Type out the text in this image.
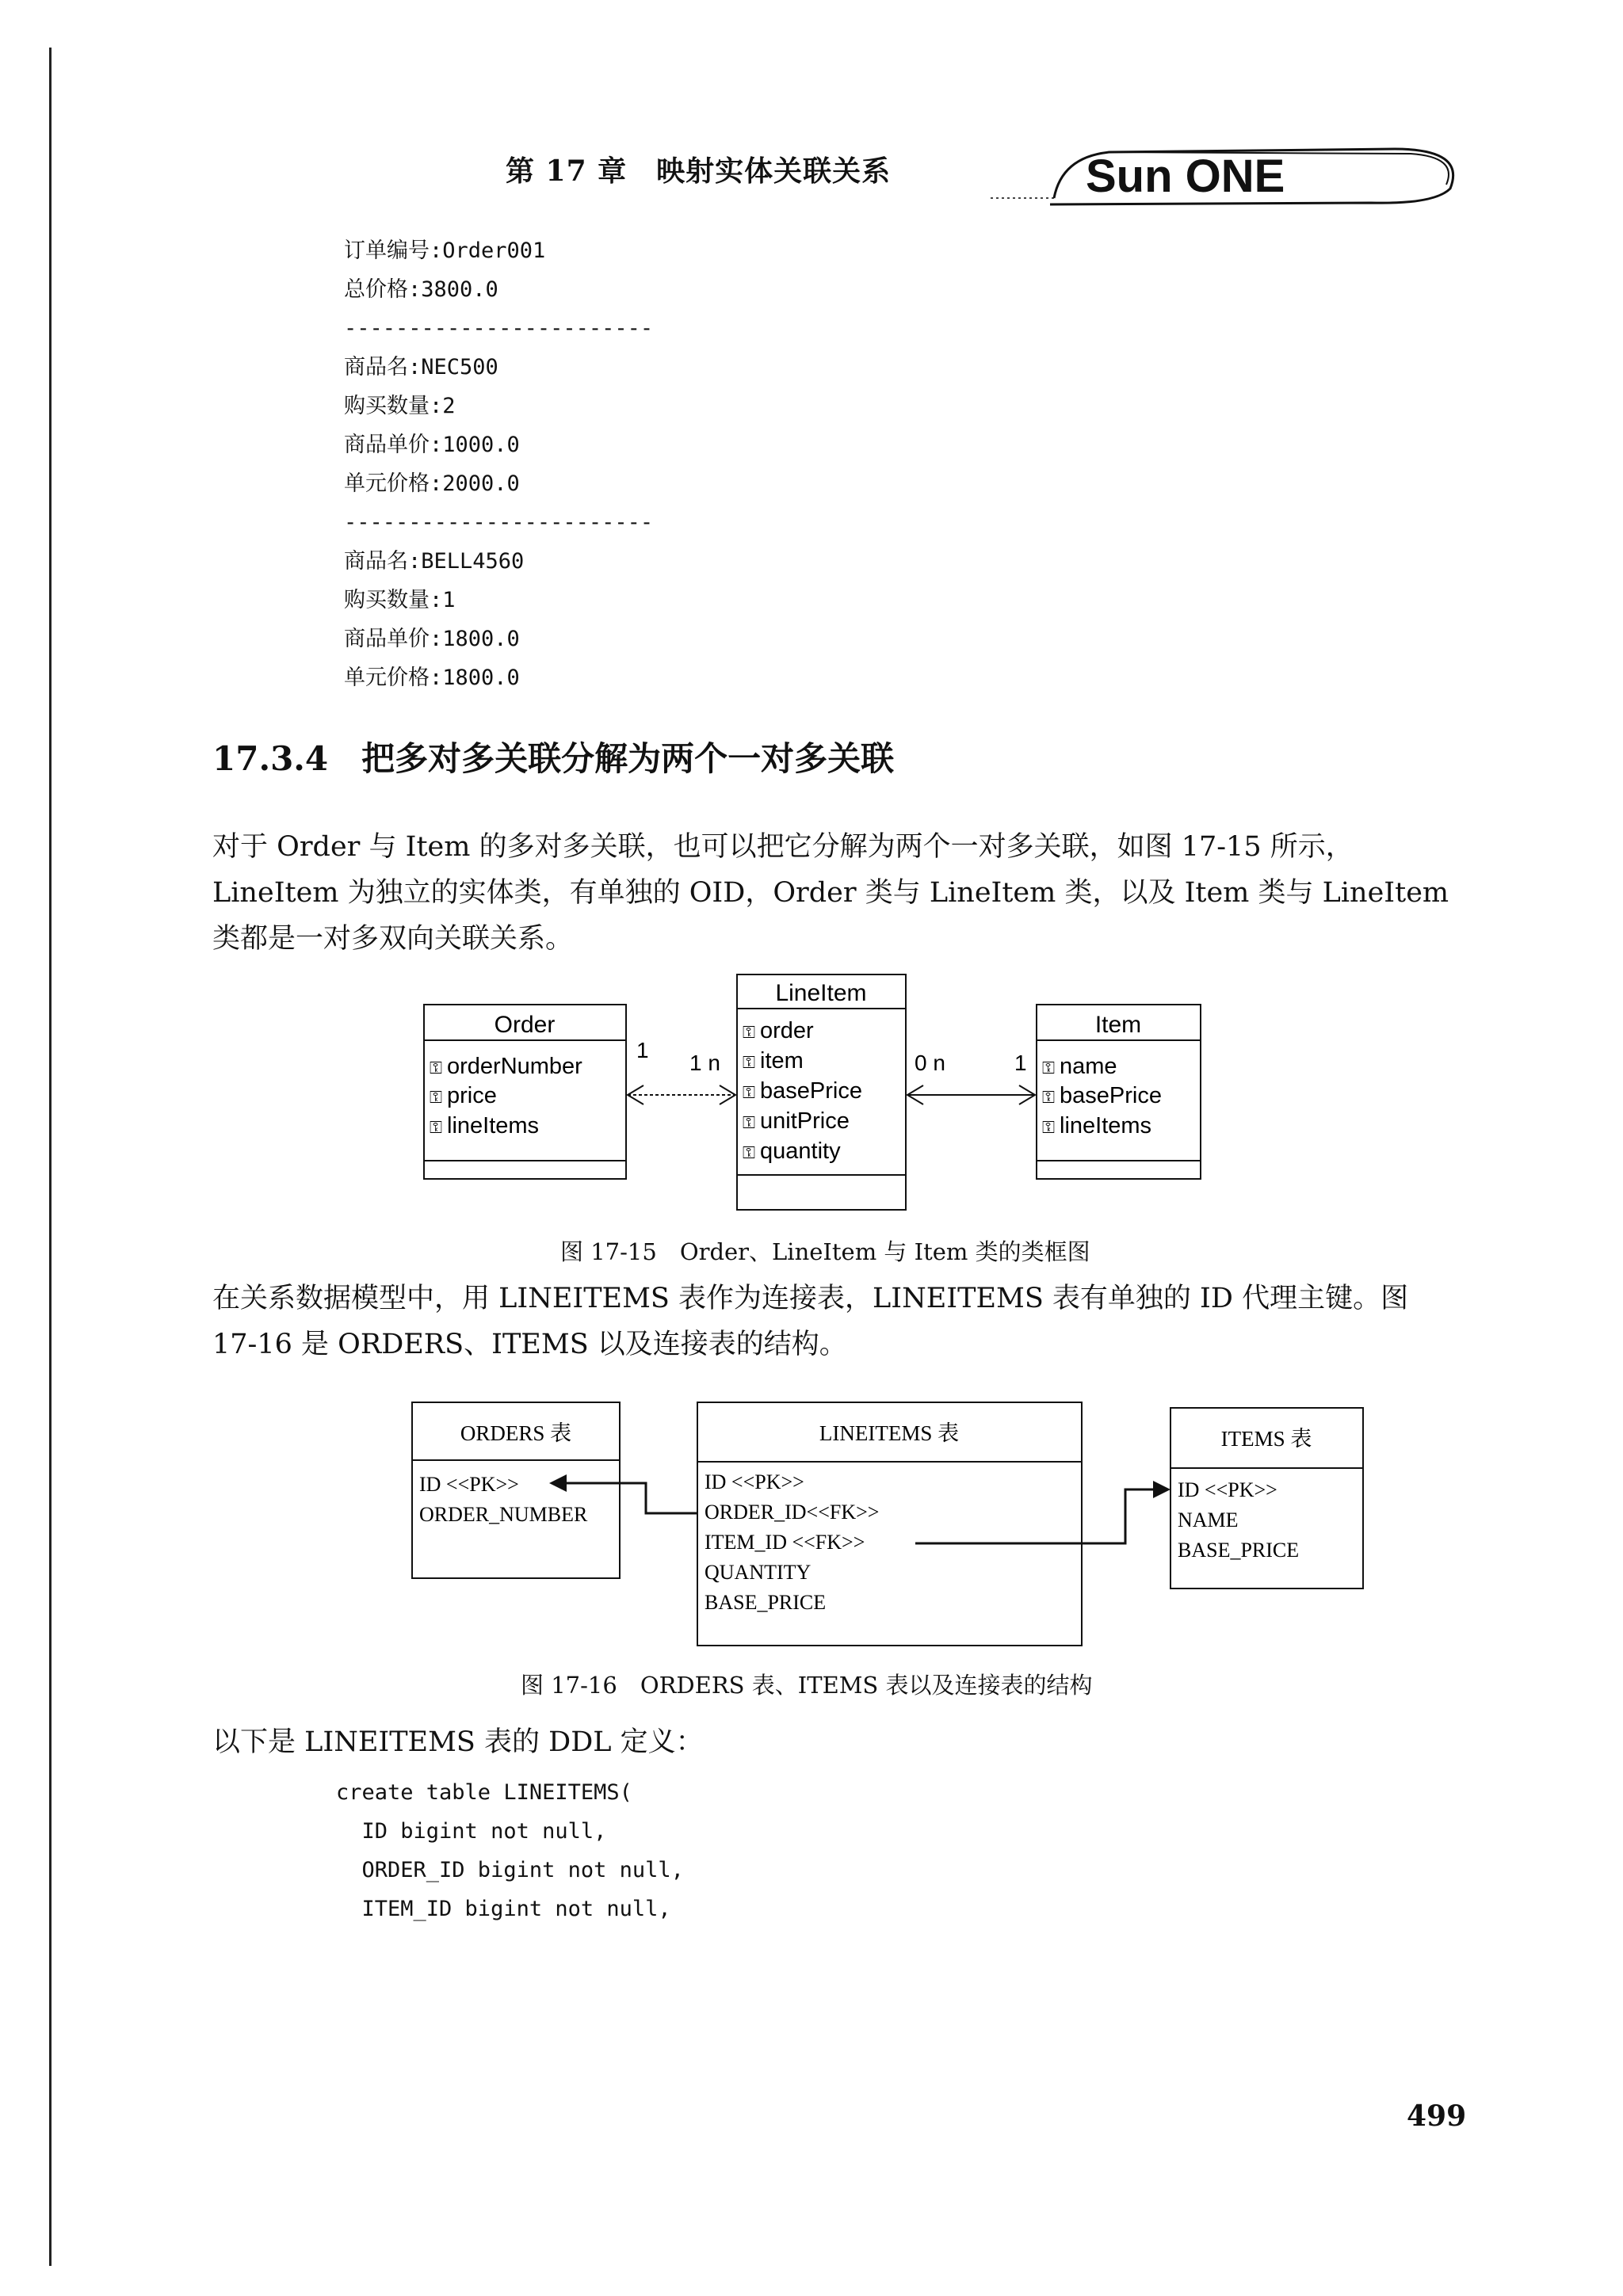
第 17 章　映射实体关联关系	Sun ONE
订单编号:Order001
总价格:3800.0
------------------------
商品名:NEC500
购买数量:2
商品单价:1000.0
单元价格:2000.0
------------------------
商品名:BELL4560
购买数量:1
商品单价:1800.0
单元价格:1800.0
17.3.4　把多对多关联分解为两个一对多关联

对于 Order 与 Item 的多对多关联，也可以把它分解为两个一对多关联，如图 17-15 所示，LineItem 为独立的实体类，有单独的 OID，Order 类与 LineItem 类，以及 Item 类与 LineItem 类都是一对多双向关联关系。

Order
⚿ orderNumber
⚿ price
⚿ lineItems
LineItem
⚿ order
⚿ item
⚿ basePrice
⚿ unitPrice
⚿ quantity
Item
⚿ name
⚿ basePrice
⚿ lineItems
1
1 n	0 n	1
图 17-15　Order、LineItem 与 Item 类的类框图

在关系数据模型中，用 LINEITEMS 表作为连接表，LINEITEMS 表有单独的 ID 代理主键。图 17-16 是 ORDERS、ITEMS 以及连接表的结构。

ORDERS 表
ID <<PK>>
ORDER_NUMBER
LINEITEMS 表
ID <<PK>>
ORDER_ID<<FK>>
ITEM_ID <<FK>>
QUANTITY
BASE_PRICE
ITEMS 表
ID <<PK>>
NAME
BASE_PRICE
图 17-16　ORDERS 表、ITEMS 表以及连接表的结构

以下是 LINEITEMS 表的 DDL 定义：

create table LINEITEMS(
ID bigint not null,
ORDER_ID bigint not null,
ITEM_ID bigint not null,
499
